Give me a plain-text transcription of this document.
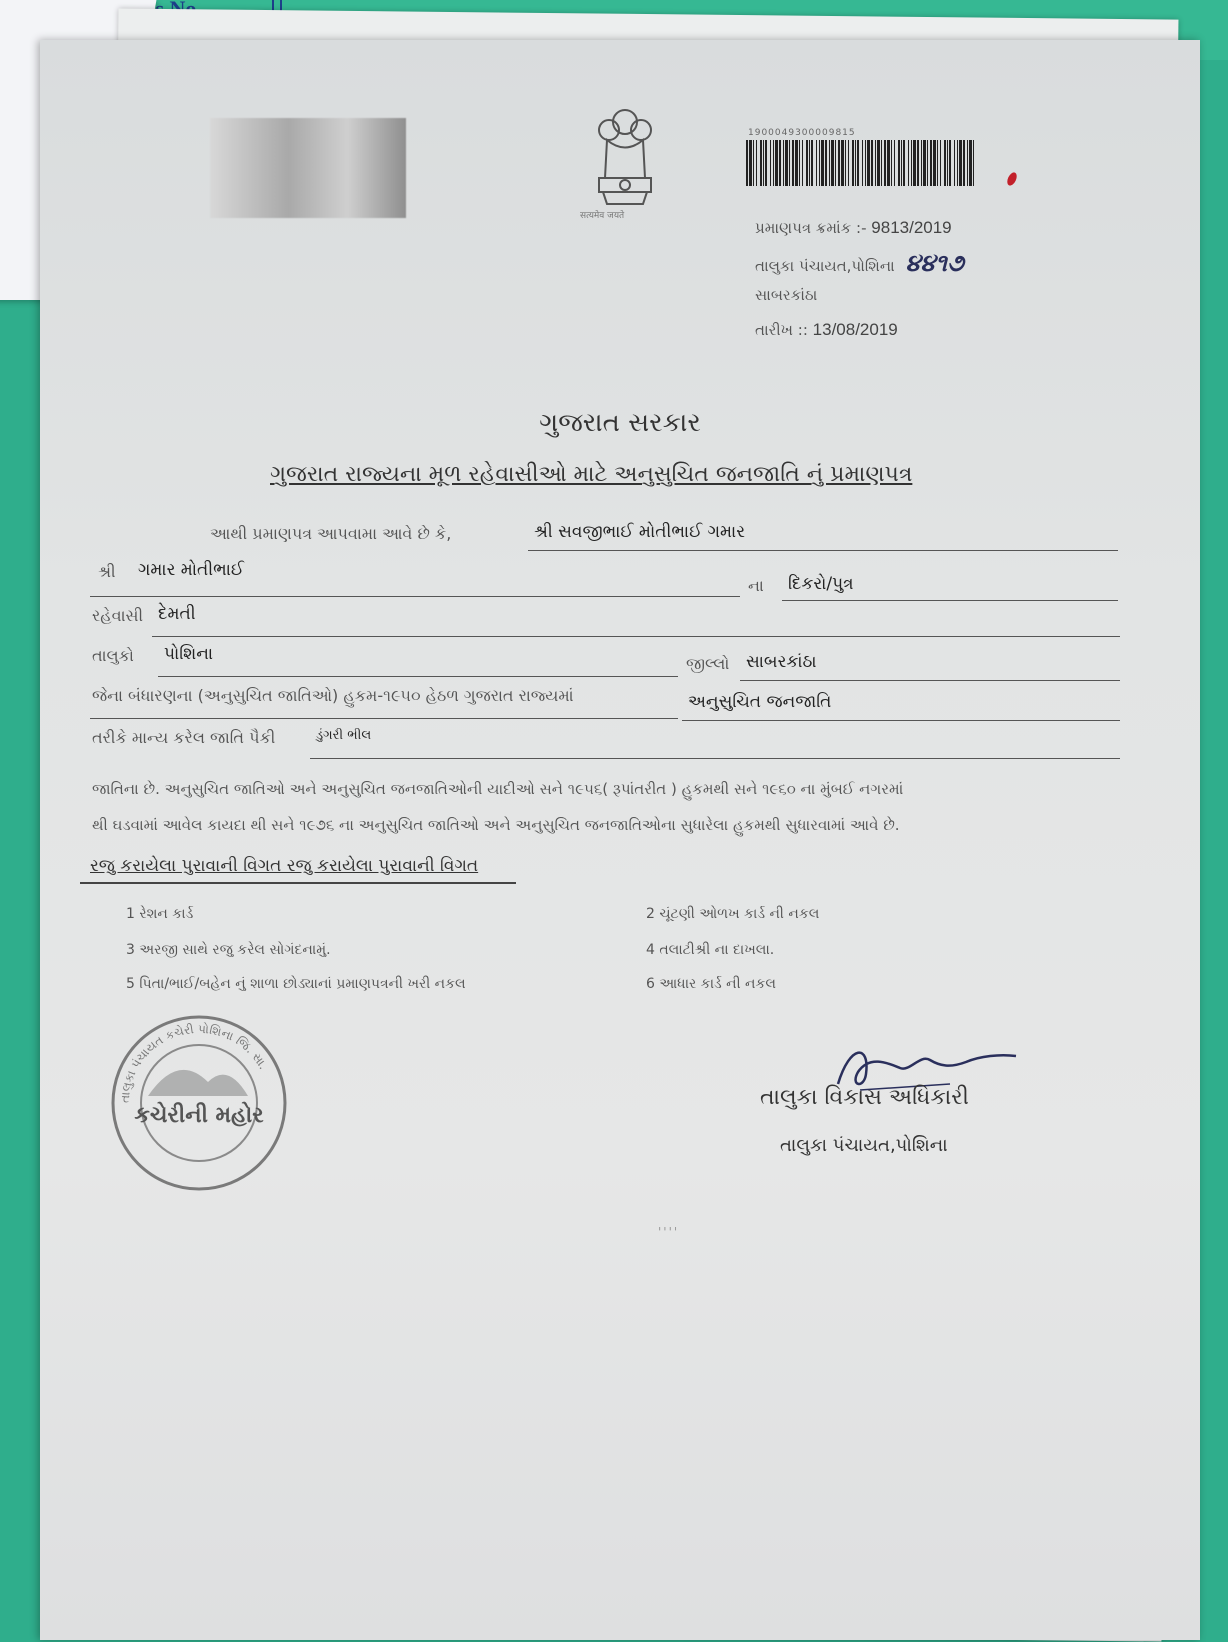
सत्यमेव जयते
1900049300009815
પ્રમાણપત્ર ક્રમાંક :- 9813/2019
તાલુકા પંચાયત,પોશિના ૪૪૧૭
સાબરકાંઠા
તારીખ :: 13/08/2019
ગુજરાત સરકાર
ગુજરાત રાજ્યના મૂળ રહેવાસીઓ માટે અનુસુચિત જનજાતિ નું પ્રમાણપત્ર
આથી પ્રમાણપત્ર આપવામા આવે છે કે,	શ્રી સવજીભાઈ મોતીભાઈ ગમાર
શ્રી ગમાર મોતીભાઈ
ના દિકરો/પુત્ર
રહેવાસી દેમતી
તાલુકો પોશિના	જીલ્લો સાબરકાંઠા
જેના બંધારણના (અનુસુચિત જાતિઓ) હુકમ-૧૯૫૦ હેઠળ ગુજરાત રાજ્યમાં	અનુસુચિત જનજાતિ
તરીકે માન્ય કરેલ જાતિ પૈકી	ડુંગરી ભીલ
જાતિના છે. અનુસુચિત જાતિઓ અને અનુસુચિત જનજાતિઓની યાદીઓ સને ૧૯૫૬( રૂપાંતરીત ) હુકમથી સને ૧૯૬૦ ના મુંબઈ નગરમાં
થી ઘડવામાં આવેલ કાયદા થી સને ૧૯૭૬ ના અનુસુચિત જાતિઓ અને અનુસુચિત જનજાતિઓના સુધારેલા હુકમથી સુધારવામાં આવે છે.
રજુ કરાયેલા પુરાવાની વિગત રજુ કરાયેલા પુરાવાની વિગત
1 રેશન કાર્ડ	2 ચૂંટણી ઓળખ કાર્ડ ની નકલ
3 અરજી સાથે રજુ કરેલ સોગંદનામું.	4 તલાટીશ્રી ના દાખલા.
5 પિતા/ભાઈ/બહેન નું શાળા છોડ્યાનાં પ્રમાણપત્રની ખરી નકલ	6 આધાર કાર્ડ ની નકલ
તાલુકા પંચાયત કચેરી પોશિના જિ. સા.
કચેરીની મહોર
તાલુકા વિકાસ અધિકારી
તાલુકા પંચાયત,પોશિના
''''
